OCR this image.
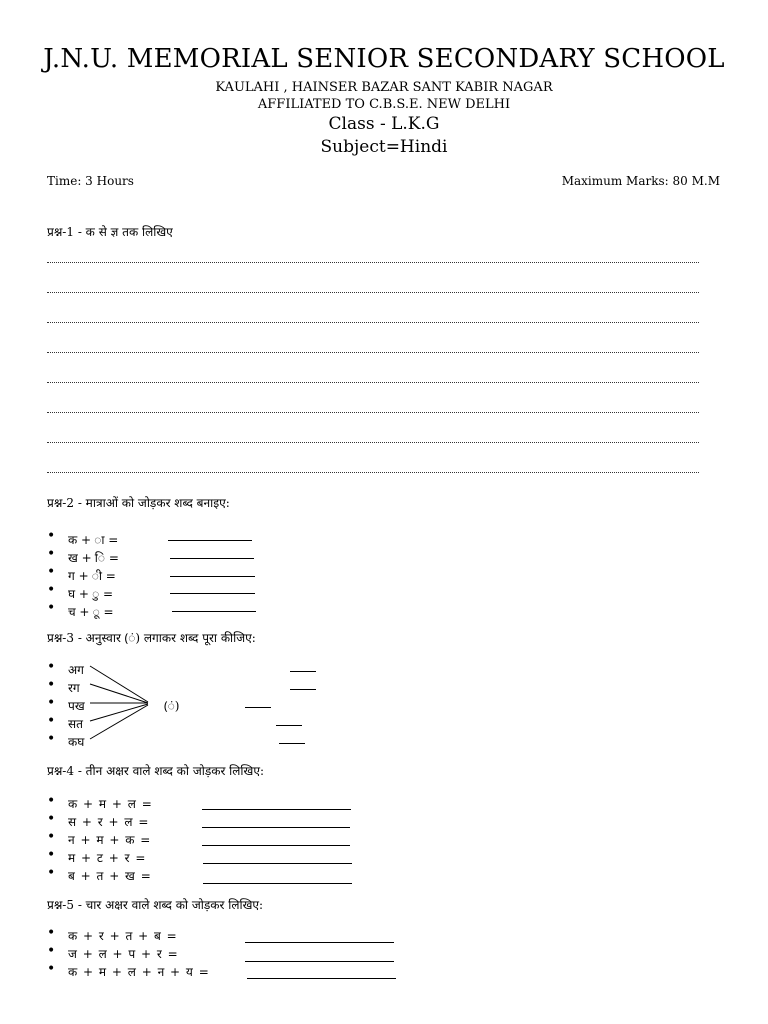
J.N.U. MEMORIAL SENIOR SECONDARY SCHOOL
KAULAHI , HAINSER BAZAR SANT KABIR NAGAR
AFFILIATED TO C.B.S.E. NEW DELHI
Class - L.K.G
Subject=Hindi
Time: 3 Hours	Maximum Marks: 80 M.M
प्रश्न-1 - क से ज्ञ तक लिखिए
प्रश्न-2 - मात्राओं को जोड़कर शब्द बनाइए:
• क + ा =
• ख + ि =
• ग + ी =
• घ + ु =
• च + ू =
प्रश्न-3 - अनुस्वार (ं) लगाकर शब्द पूरा कीजिए:
• अग
• रग
• पख	(ं)
• सत
• कघ
प्रश्न-4 - तीन अक्षर वाले शब्द को जोड़कर लिखिए:
• क + म + ल =
• स + र + ल =
• न + म + क =
• म + ट + र =
• ब + त + ख =
प्रश्न-5 - चार अक्षर वाले शब्द को जोड़कर लिखिए:
• क + र + त + ब =
• ज + ल + प + र =
• क + म + ल + न + य =
